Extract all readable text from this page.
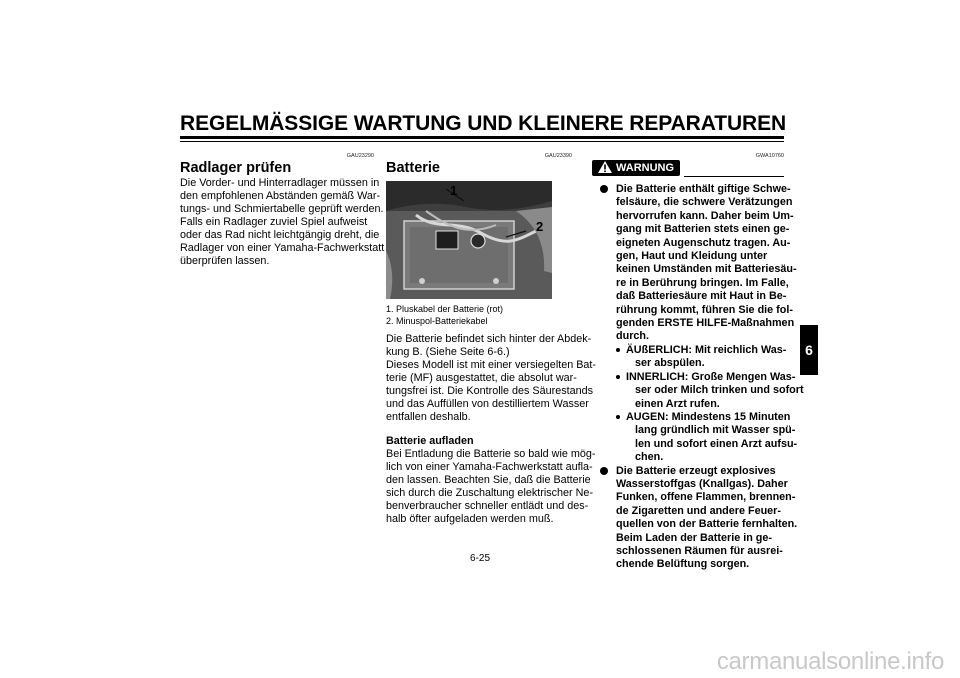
REGELMÄSSIGE WARTUNG UND KLEINERE REPARATUREN
GAU23290
Radlager prüfen
Die Vorder- und Hinterradlager müssen in
den empfohlenen Abständen gemäß War-
tungs- und Schmiertabelle geprüft werden.
Falls ein Radlager zuviel Spiel aufweist
oder das Rad nicht leichtgängig dreht, die
Radlager von einer Yamaha-Fachwerkstatt
überprüfen lassen.
GAU23390
Batterie
1
2
1. Pluskabel der Batterie (rot)
2. Minuspol-Batteriekabel
Die Batterie befindet sich hinter der Abdek-
kung B. (Siehe Seite 6-6.)
Dieses Modell ist mit einer versiegelten Bat-
terie (MF) ausgestattet, die absolut war-
tungsfrei ist. Die Kontrolle des Säurestands
und das Auffüllen von destilliertem Wasser
entfallen deshalb.
Batterie aufladen
Bei Entladung die Batterie so bald wie mög-
lich von einer Yamaha-Fachwerkstatt aufla-
den lassen. Beachten Sie, daß die Batterie
sich durch die Zuschaltung elektrischer Ne-
benverbraucher schneller entlädt und des-
halb öfter aufgeladen werden muß.
GWA10760
WARNUNG
Die Batterie enthält giftige Schwe-
felsäure, die schwere Verätzungen
hervorrufen kann. Daher beim Um-
gang mit Batterien stets einen ge-
eigneten Augenschutz tragen. Au-
gen, Haut und Kleidung unter
keinen Umständen mit Batteriesäu-
re in Berührung bringen. Im Falle,
daß Batteriesäure mit Haut in Be-
rührung kommt, führen Sie die fol-
genden ERSTE HILFE-Maßnahmen
durch.
ÄUßERLICH: Mit reichlich Was-
ser abspülen.
INNERLICH: Große Mengen Was-
ser oder Milch trinken und sofort
einen Arzt rufen.
AUGEN: Mindestens 15 Minuten
lang gründlich mit Wasser spü-
len und sofort einen Arzt aufsu-
chen.
Die Batterie erzeugt explosives
Wasserstoffgas (Knallgas). Daher
Funken, offene Flammen, brennen-
de Zigaretten und andere Feuer-
quellen von der Batterie fernhalten.
Beim Laden der Batterie in ge-
schlossenen Räumen für ausrei-
chende Belüftung sorgen.
6
6-25
carmanualsonline.info
